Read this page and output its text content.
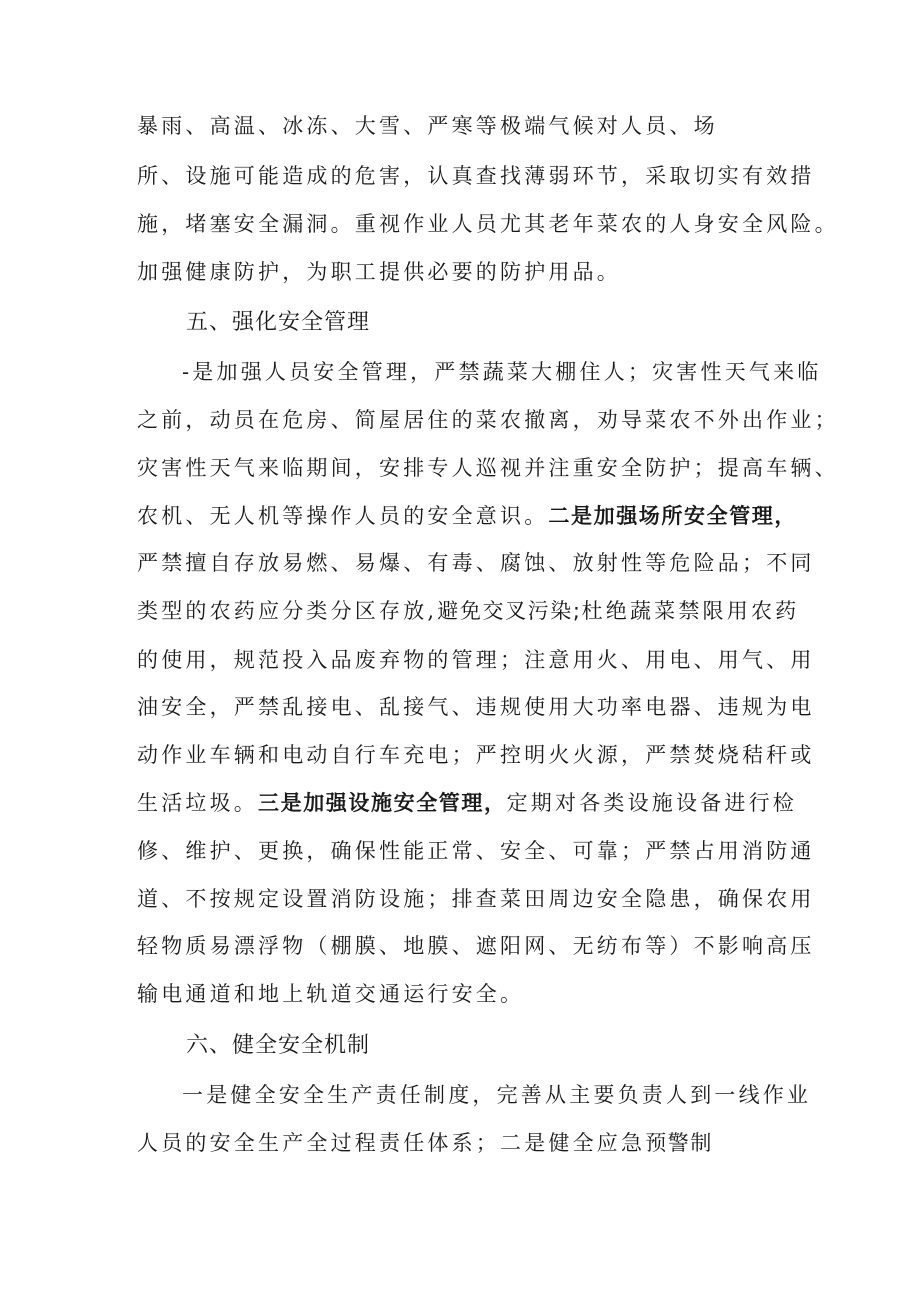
暴雨、高温、冰冻、大雪、严寒等极端气候对人员、场
所、设施可能造成的危害，认真查找薄弱环节，采取切实有效措
施，堵塞安全漏洞。重视作业人员尤其老年菜农的人身安全风险。
加强健康防护，为职工提供必要的防护用品。
五、强化安全管理
-是加强人员安全管理，严禁蔬菜大棚住人；灾害性天气来临
之前，动员在危房、简屋居住的菜农撤离，劝导菜农不外出作业；
灾害性天气来临期间，安排专人巡视并注重安全防护；提高车辆、
农机、无人机等操作人员的安全意识。二是加强场所安全管理，
严禁擅自存放易燃、易爆、有毒、腐蚀、放射性等危险品；不同
类型的农药应分类分区存放,避免交叉污染;杜绝蔬菜禁限用农药
的使用，规范投入品废弃物的管理；注意用火、用电、用气、用
油安全，严禁乱接电、乱接气、违规使用大功率电器、违规为电
动作业车辆和电动自行车充电；严控明火火源，严禁焚烧秸秆或
生活垃圾。三是加强设施安全管理，定期对各类设施设备进行检
修、维护、更换，确保性能正常、安全、可靠；严禁占用消防通
道、不按规定设置消防设施；排查菜田周边安全隐患，确保农用
轻物质易漂浮物（棚膜、地膜、遮阳网、无纺布等）不影响高压
输电通道和地上轨道交通运行安全。
六、健全安全机制
一是健全安全生产责任制度，完善从主要负责人到一线作业
人员的安全生产全过程责任体系；二是健全应急预警制
